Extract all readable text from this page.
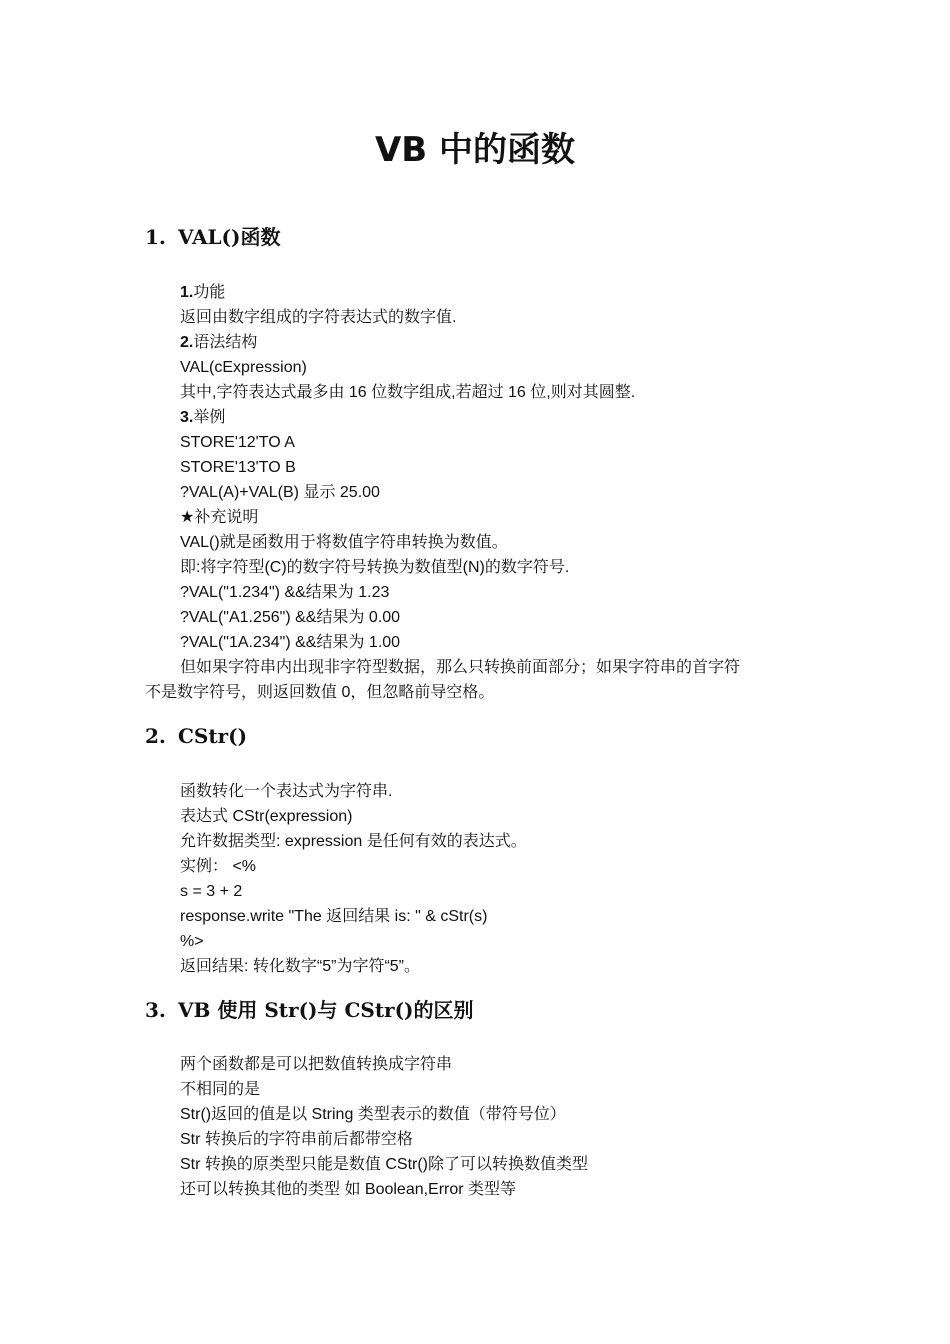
VB 中的函数
1. VAL()函数
1.功能
返回由数字组成的字符表达式的数字值.
2.语法结构
VAL(cExpression)
其中,字符表达式最多由 16 位数字组成,若超过 16 位,则对其圆整.
3.举例
STORE'12'TO A
STORE'13'TO B
?VAL(A)+VAL(B) 显示 25.00
★补充说明
VAL()就是函数用于将数值字符串转换为数值。
即:将字符型(C)的数字符号转换为数值型(N)的数字符号.
?VAL("1.234") &&结果为 1.23
?VAL("A1.256") &&结果为 0.00
?VAL("1A.234") &&结果为 1.00
但如果字符串内出现非字符型数据，那么只转换前面部分；如果字符串的首字符
不是数字符号，则返回数值 0，但忽略前导空格。
2. CStr()
函数转化一个表达式为字符串.
表达式 CStr(expression)
允许数据类型: expression 是任何有效的表达式。
实例： <%
s = 3 + 2
response.write "The 返回结果 is: " & cStr(s)
%>
返回结果: 转化数字“5”为字符“5”。
3. VB 使用 Str()与 CStr()的区别
两个函数都是可以把数值转换成字符串
不相同的是
Str()返回的值是以 String 类型表示的数值（带符号位）
Str 转换后的字符串前后都带空格
Str 转换的原类型只能是数值 CStr()除了可以转换数值类型
还可以转换其他的类型 如 Boolean,Error 类型等
